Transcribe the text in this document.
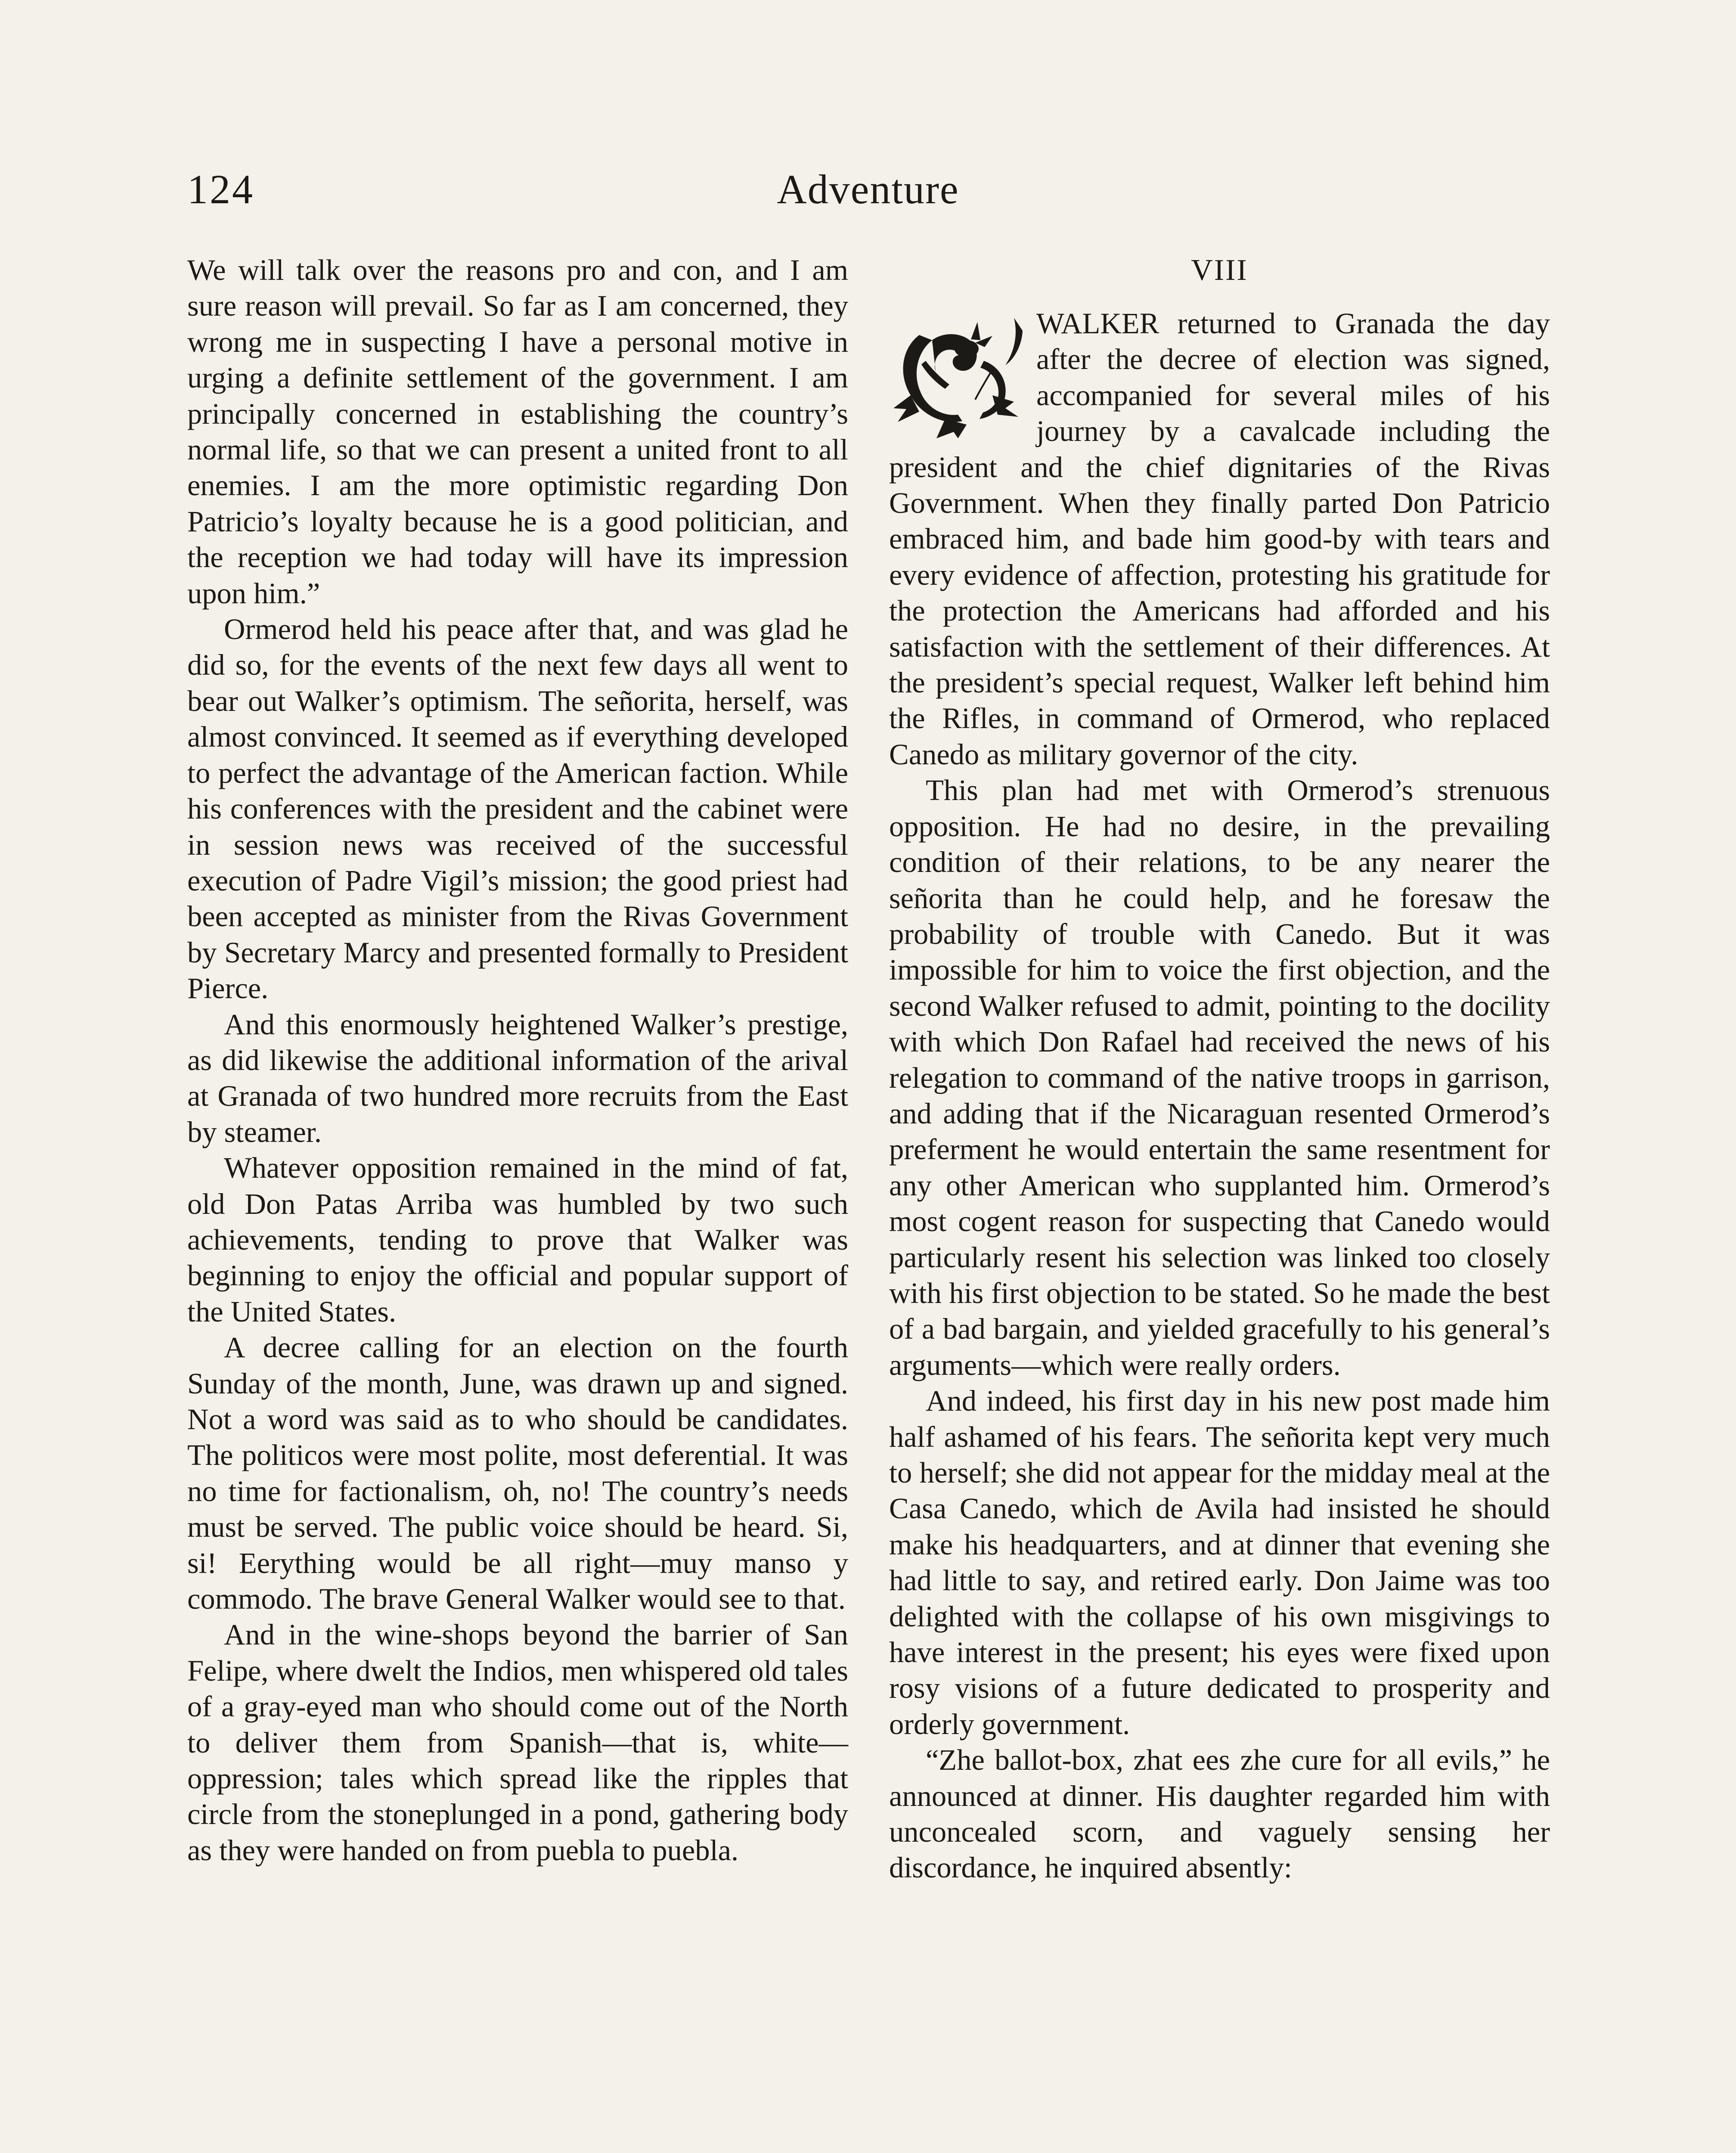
124	Adventure

We will talk over the reasons pro and con, and I am sure reason will prevail. So far as I am concerned, they wrong me in suspecting I have a personal motive in urging a definite settlement of the government. I am principally concerned in establishing the country’s normal life, so that we can present a united front to all enemies. I am the more optimistic regarding Don Patricio’s loyalty because he is a good politician, and the reception we had today will have its impression upon him.”

Ormerod held his peace after that, and was glad he did so, for the events of the next few days all went to bear out Walker’s optimism. The señorita, herself, was almost convinced. It seemed as if everything developed to perfect the advantage of the American faction. While his conferences with the president and the cabinet were in session news was received of the successful execution of Padre Vigil’s mission; the good priest had been accepted as minister from the Rivas Government by Secretary Marcy and presented formally to President Pierce.

And this enormously heightened Walker’s prestige, as did likewise the additional information of the arival at Granada of two hundred more recruits from the East by steamer.

Whatever opposition remained in the mind of fat, old Don Patas Arriba was humbled by two such achievements, tending to prove that Walker was beginning to enjoy the official and popular support of the United States.

A decree calling for an election on the fourth Sunday of the month, June, was drawn up and signed. Not a word was said as to who should be candidates. The politicos were most polite, most deferential. It was no time for factionalism, oh, no! The country’s needs must be served. The public voice should be heard. Si, si! Eerything would be all right—muy manso y commodo. The brave General Walker would see to that.

And in the wine-shops beyond the barrier of San Felipe, where dwelt the Indios, men whispered old tales of a gray-eyed man who should come out of the North to deliver them from Spanish—that is, white—oppression; tales which spread like the ripples that circle from the stoneplunged in a pond, gathering body as they were handed on from puebla to puebla.

VIII

WALKER returned to Granada the day after the decree of election was signed, accompanied for several miles of his journey by a cavalcade including the president and the chief dignitaries of the Rivas Government. When they finally parted Don Patricio embraced him, and bade him good-by with tears and every evidence of affection, protesting his gratitude for the protection the Americans had afforded and his satisfaction with the settlement of their differences. At the president’s special request, Walker left behind him the Rifles, in command of Ormerod, who replaced Canedo as military governor of the city.

This plan had met with Ormerod’s strenuous opposition. He had no desire, in the prevailing condition of their relations, to be any nearer the señorita than he could help, and he foresaw the probability of trouble with Canedo. But it was impossible for him to voice the first objection, and the second Walker refused to admit, pointing to the docility with which Don Rafael had received the news of his relegation to command of the native troops in garrison, and adding that if the Nicaraguan resented Ormerod’s preferment he would entertain the same resentment for any other American who supplanted him. Ormerod’s most cogent reason for suspecting that Canedo would particularly resent his selection was linked too closely with his first objection to be stated. So he made the best of a bad bargain, and yielded gracefully to his general’s arguments—which were really orders.

And indeed, his first day in his new post made him half ashamed of his fears. The señorita kept very much to herself; she did not appear for the midday meal at the Casa Canedo, which de Avila had insisted he should make his headquarters, and at dinner that evening she had little to say, and retired early. Don Jaime was too delighted with the collapse of his own misgivings to have interest in the present; his eyes were fixed upon rosy visions of a future dedicated to prosperity and orderly government.

“Zhe ballot-box, zhat ees zhe cure for all evils,” he announced at dinner. His daughter regarded him with unconcealed scorn, and vaguely sensing her discordance, he inquired absently:
